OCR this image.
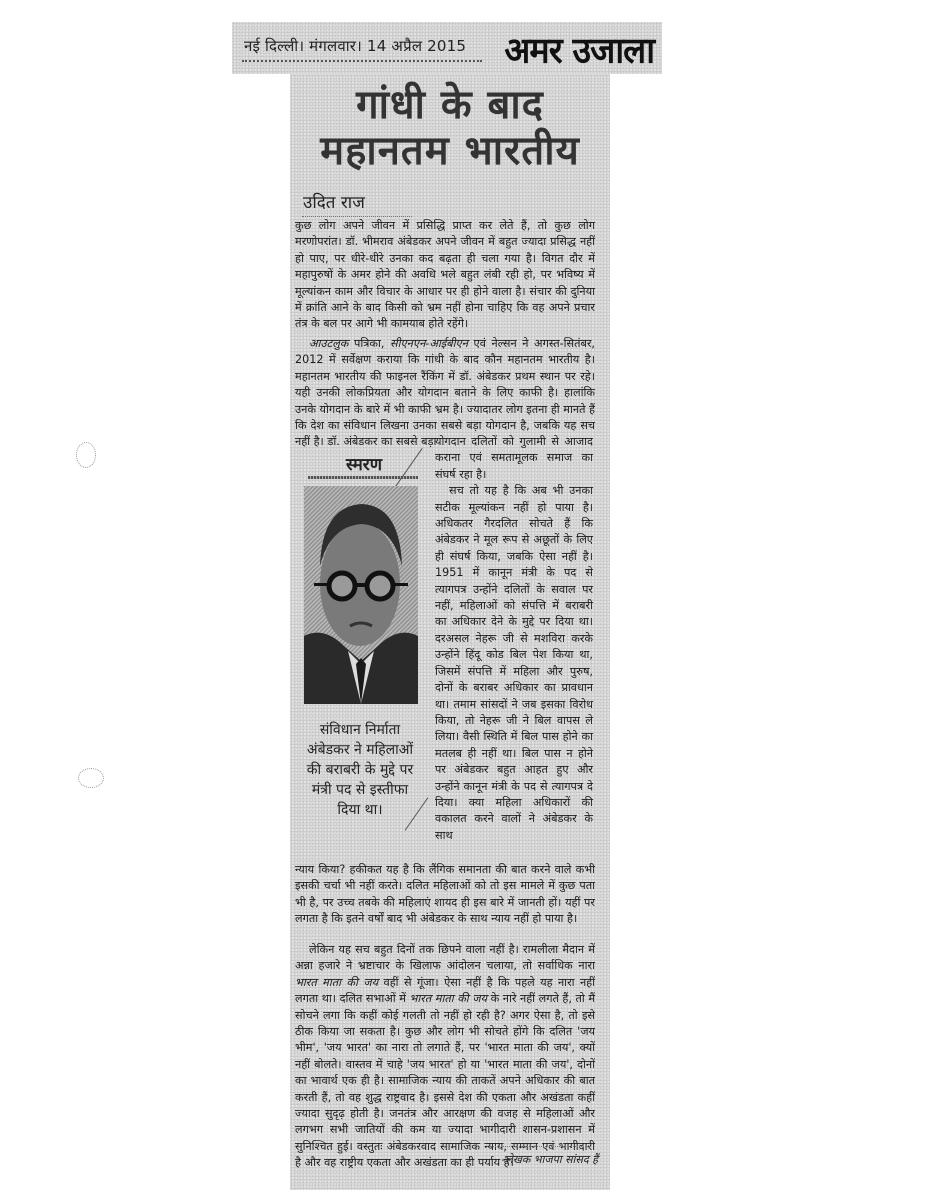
नई दिल्ली। मंगलवार। 14 अप्रैल 2015 अमर उजाला
गांधी के बाद
महानतम भारतीय
उदित राज

कुछ लोग अपने जीवन में प्रसिद्धि प्राप्त कर लेते हैं, तो कुछ लोग मरणोपरांत। डॉ. भीमराव अंबेडकर अपने जीवन में बहुत ज्यादा प्रसिद्ध नहीं हो पाए, पर धीरे-धीरे उनका कद बढ़ता ही चला गया है। विगत दौर में महापुरुषों के अमर होने की अवधि भले बहुत लंबी रही हो, पर भविष्य में मूल्यांकन काम और विचार के आधार पर ही होने वाला है। संचार की दुनिया में क्रांति आने के बाद किसी को भ्रम नहीं होना चाहिए कि वह अपने प्रचार तंत्र के बल पर आगे भी कामयाब होते रहेंगे।

आउटलुक पत्रिका, सीएनएन-आईबीएन एवं नेल्सन ने अगस्त-सितंबर, 2012 में सर्वेक्षण कराया कि गांधी के बाद कौन महानतम भारतीय है। महानतम भारतीय की फाइनल रैंकिंग में डॉ. अंबेडकर प्रथम स्थान पर रहे। यही उनकी लोकप्रियता और योगदान बताने के लिए काफी है। हालांकि उनके योगदान के बारे में भी काफी भ्रम है। ज्यादातर लोग इतना ही मानते हैं कि देश का संविधान लिखना उनका सबसे बड़ा योगदान है, जबकि यह सच नहीं है। डॉ. अंबेडकर का सबसे बड़ा

स्मरण
संविधान निर्माता अंबेडकर ने महिलाओं की बराबरी के मुद्दे पर मंत्री पद से इस्तीफा दिया था।

योगदान दलितों को गुलामी से आजाद कराना एवं समतामूलक समाज का संघर्ष रहा है।

सच तो यह है कि अब भी उनका सटीक मूल्यांकन नहीं हो पाया है। अधिकतर गैरदलित सोचते हैं कि अंबेडकर ने मूल रूप से अछूतों के लिए ही संघर्ष किया, जबकि ऐसा नहीं है। 1951 में कानून मंत्री के पद से त्यागपत्र उन्होंने दलितों के सवाल पर नहीं, महिलाओं को संपत्ति में बराबरी का अधिकार देने के मुद्दे पर दिया था। दरअसल नेहरू जी से मशविरा करके उन्होंने हिंदू कोड बिल पेश किया था, जिसमें संपत्ति में महिला और पुरुष, दोनों के बराबर अधिकार का प्रावधान था। तमाम सांसदों ने जब इसका विरोध किया, तो नेहरू जी ने बिल वापस ले लिया। वैसी स्थिति में बिल पास होने का मतलब ही नहीं था। बिल पास न होने पर अंबेडकर बहुत आहत हुए और उन्होंने कानून मंत्री के पद से त्यागपत्र दे दिया। क्या महिला अधिकारों की वकालत करने वालों ने अंबेडकर के साथ

न्याय किया? हकीकत यह है कि लैंगिक समानता की बात करने वाले कभी इसकी चर्चा भी नहीं करते। दलित महिलाओं को तो इस मामले में कुछ पता भी है, पर उच्च तबके की महिलाएं शायद ही इस बारे में जानती हों। यहीं पर लगता है कि इतने वर्षों बाद भी अंबेडकर के साथ न्याय नहीं हो पाया है।

लेकिन यह सच बहुत दिनों तक छिपने वाला नहीं है। रामलीला मैदान में अन्ना हजारे ने भ्रष्टाचार के खिलाफ आंदोलन चलाया, तो सर्वाधिक नारा भारत माता की जय वहीं से गूंजा। ऐसा नहीं है कि पहले यह नारा नहीं लगता था। दलित सभाओं में भारत माता की जय के नारे नहीं लगते हैं, तो मैं सोचने लगा कि कहीं कोई गलती तो नहीं हो रही है? अगर ऐसा है, तो इसे ठीक किया जा सकता है। कुछ और लोग भी सोचते होंगे कि दलित 'जय भीम', 'जय भारत' का नारा तो लगाते हैं, पर 'भारत माता की जय', क्यों नहीं बोलते। वास्तव में चाहे 'जय भारत' हो या 'भारत माता की जय', दोनों का भावार्थ एक ही है। सामाजिक न्याय की ताकतें अपने अधिकार की बात करती हैं, तो वह शुद्ध राष्ट्रवाद है। इससे देश की एकता और अखंडता कहीं ज्यादा सुदृढ़ होती है। जनतंत्र और आरक्षण की वजह से महिलाओं और लगभग सभी जातियों की कम या ज्यादा भागीदारी शासन-प्रशासन में सुनिश्चित हुई। वस्तुतः अंबेडकरवाद सामाजिक न्याय, सम्मान एवं भागीदारी है और वह राष्ट्रीय एकता और अखंडता का ही पर्याय है।

-लेखक भाजपा सांसद हैं
